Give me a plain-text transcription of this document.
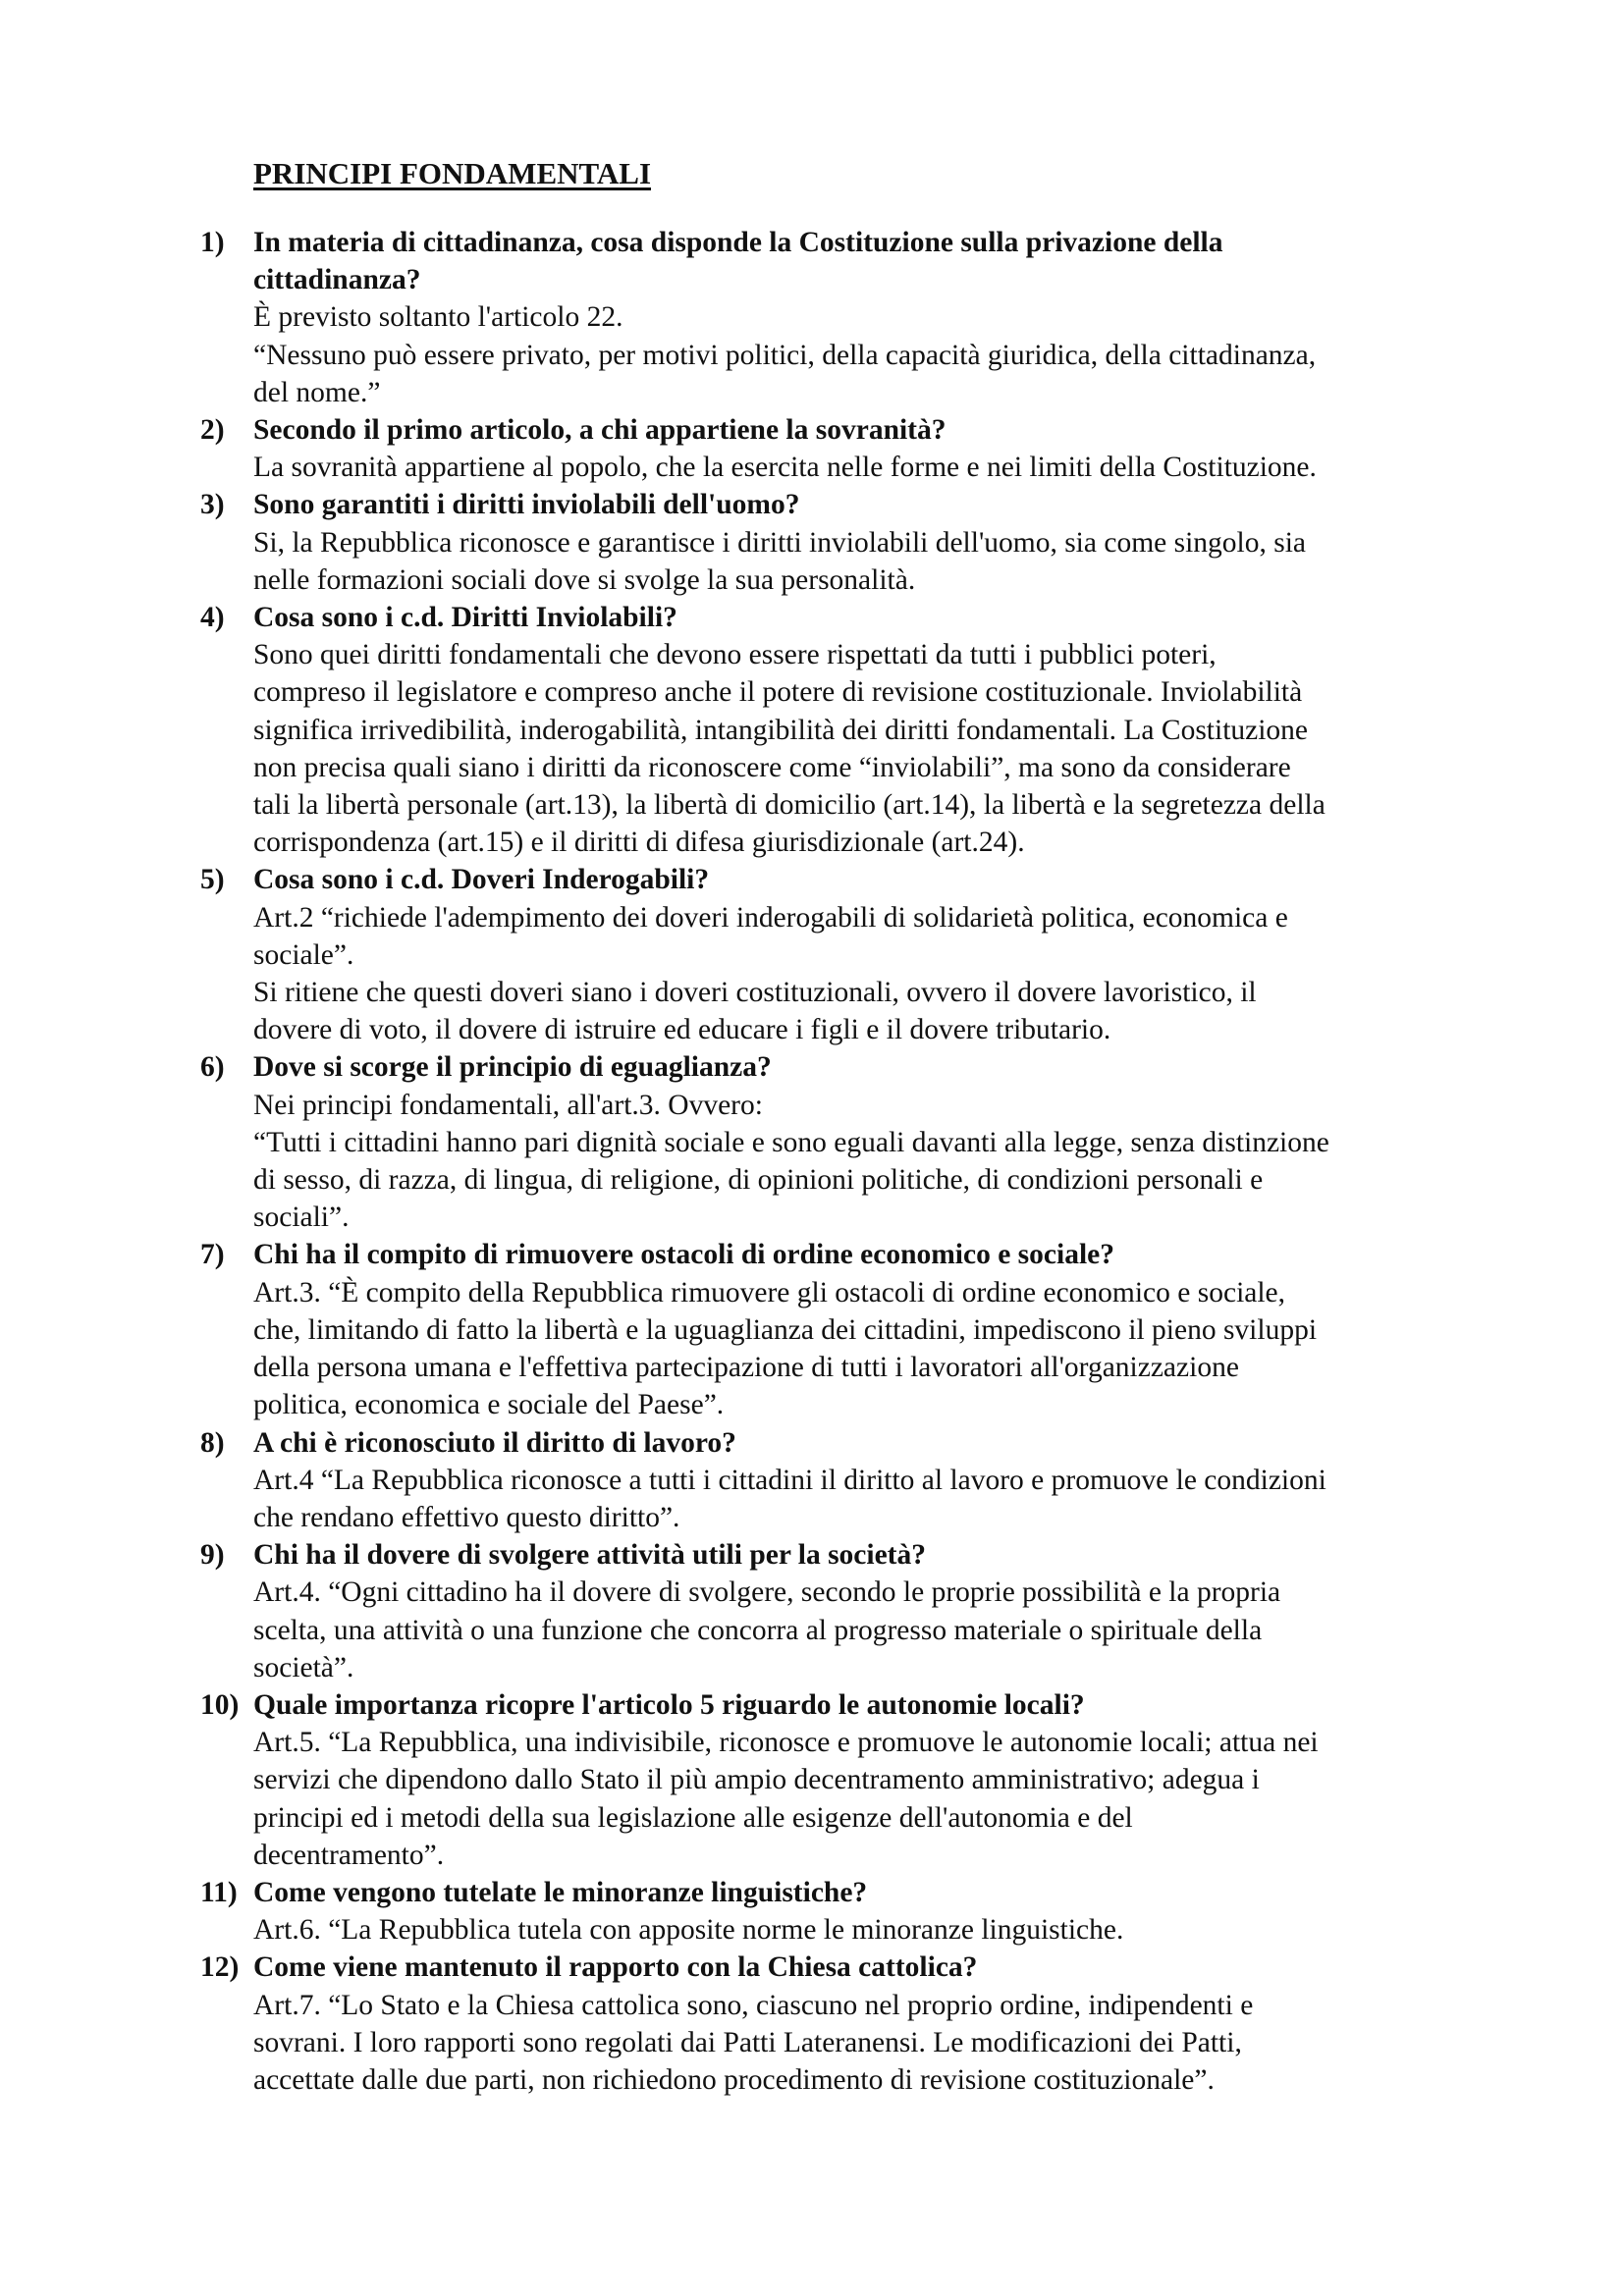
PRINCIPI FONDAMENTALI
1) In materia di cittadinanza, cosa disponde la Costituzione sulla privazione della
cittadinanza?
È previsto soltanto l'articolo 22.
“Nessuno può essere privato, per motivi politici, della capacità giuridica, della cittadinanza,
del nome.”
2) Secondo il primo articolo, a chi appartiene la sovranità?
La sovranità appartiene al popolo, che la esercita nelle forme e nei limiti della Costituzione.
3) Sono garantiti i diritti inviolabili dell'uomo?
Si, la Repubblica riconosce e garantisce i diritti inviolabili dell'uomo, sia come singolo, sia
nelle formazioni sociali dove si svolge la sua personalità.
4) Cosa sono i c.d. Diritti Inviolabili?
Sono quei diritti fondamentali che devono essere rispettati da tutti i pubblici poteri,
compreso il legislatore e compreso anche il potere di revisione costituzionale. Inviolabilità
significa irrivedibilità, inderogabilità, intangibilità dei diritti fondamentali. La Costituzione
non precisa quali siano i diritti da riconoscere come “inviolabili”, ma sono da considerare
tali la libertà personale (art.13), la libertà di domicilio (art.14), la libertà e la segretezza della
corrispondenza (art.15) e il diritti di difesa giurisdizionale (art.24).
5) Cosa sono i c.d. Doveri Inderogabili?
Art.2 “richiede l'adempimento dei doveri inderogabili di solidarietà politica, economica e
sociale”.
Si ritiene che questi doveri siano i doveri costituzionali, ovvero il dovere lavoristico, il
dovere di voto, il dovere di istruire ed educare i figli e il dovere tributario.
6) Dove si scorge il principio di eguaglianza?
Nei principi fondamentali, all'art.3. Ovvero:
“Tutti i cittadini hanno pari dignità sociale e sono eguali davanti alla legge, senza distinzione
di sesso, di razza, di lingua, di religione, di opinioni politiche, di condizioni personali e
sociali”.
7) Chi ha il compito di rimuovere ostacoli di ordine economico e sociale?
Art.3. “È compito della Repubblica rimuovere gli ostacoli di ordine economico e sociale,
che, limitando di fatto la libertà e la uguaglianza dei cittadini, impediscono il pieno sviluppi
della persona umana e l'effettiva partecipazione di tutti i lavoratori all'organizzazione
politica, economica e sociale del Paese”.
8) A chi è riconosciuto il diritto di lavoro?
Art.4 “La Repubblica riconosce a tutti i cittadini il diritto al lavoro e promuove le condizioni
che rendano effettivo questo diritto”.
9) Chi ha il dovere di svolgere attività utili per la società?
Art.4. “Ogni cittadino ha il dovere di svolgere, secondo le proprie possibilità e la propria
scelta, una attività o una funzione che concorra al progresso materiale o spirituale della
società”.
10) Quale importanza ricopre l'articolo 5 riguardo le autonomie locali?
Art.5. “La Repubblica, una indivisibile, riconosce e promuove le autonomie locali; attua nei
servizi che dipendono dallo Stato il più ampio decentramento amministrativo; adegua i
principi ed i metodi della sua legislazione alle esigenze dell'autonomia e del
decentramento”.
11) Come vengono tutelate le minoranze linguistiche?
Art.6. “La Repubblica tutela con apposite norme le minoranze linguistiche.
12) Come viene mantenuto il rapporto con la Chiesa cattolica?
Art.7. “Lo Stato e la Chiesa cattolica sono, ciascuno nel proprio ordine, indipendenti e
sovrani. I loro rapporti sono regolati dai Patti Lateranensi. Le modificazioni dei Patti,
accettate dalle due parti, non richiedono procedimento di revisione costituzionale”.
